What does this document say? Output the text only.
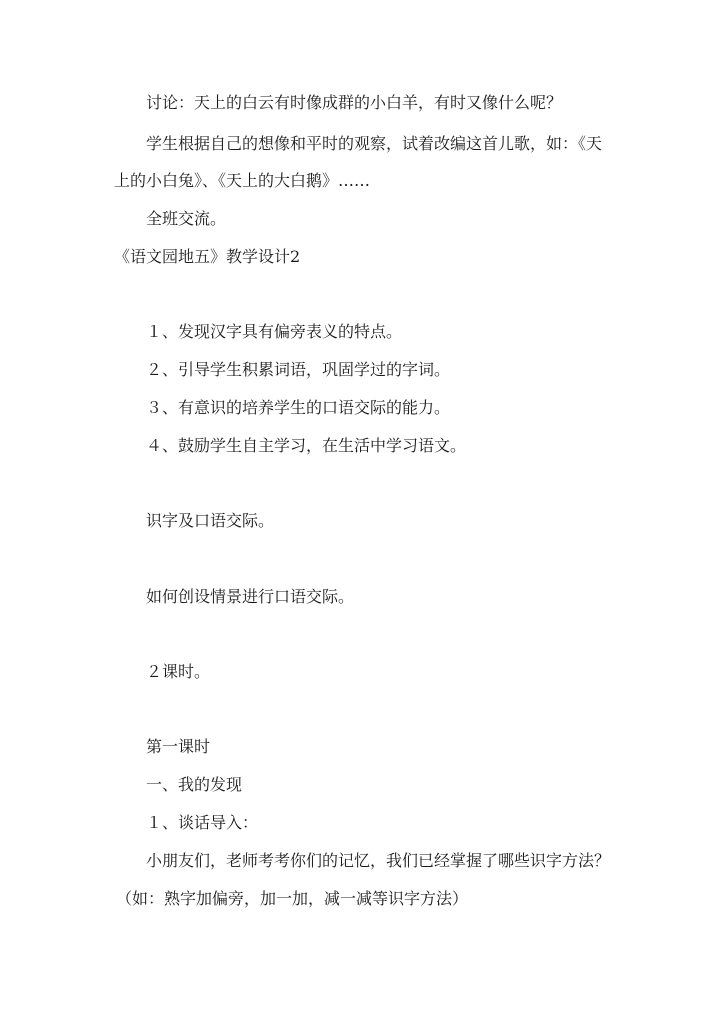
讨论：天上的白云有时像成群的小白羊，有时又像什么呢？
学生根据自己的想像和平时的观察，试着改编这首儿歌，如：《天
上的小白兔》、《天上的大白鹅》……
全班交流。
《语文园地五》教学设计2
１、发现汉字具有偏旁表义的特点。
２、引导学生积累词语，巩固学过的字词。
３、有意识的培养学生的口语交际的能力。
４、鼓励学生自主学习，在生活中学习语文。
识字及口语交际。
如何创设情景进行口语交际。
２课时。
第一课时
一、我的发现
１、谈话导入：
小朋友们，老师考考你们的记忆，我们已经掌握了哪些识字方法？
（如：熟字加偏旁，加一加，减一减等识字方法）
